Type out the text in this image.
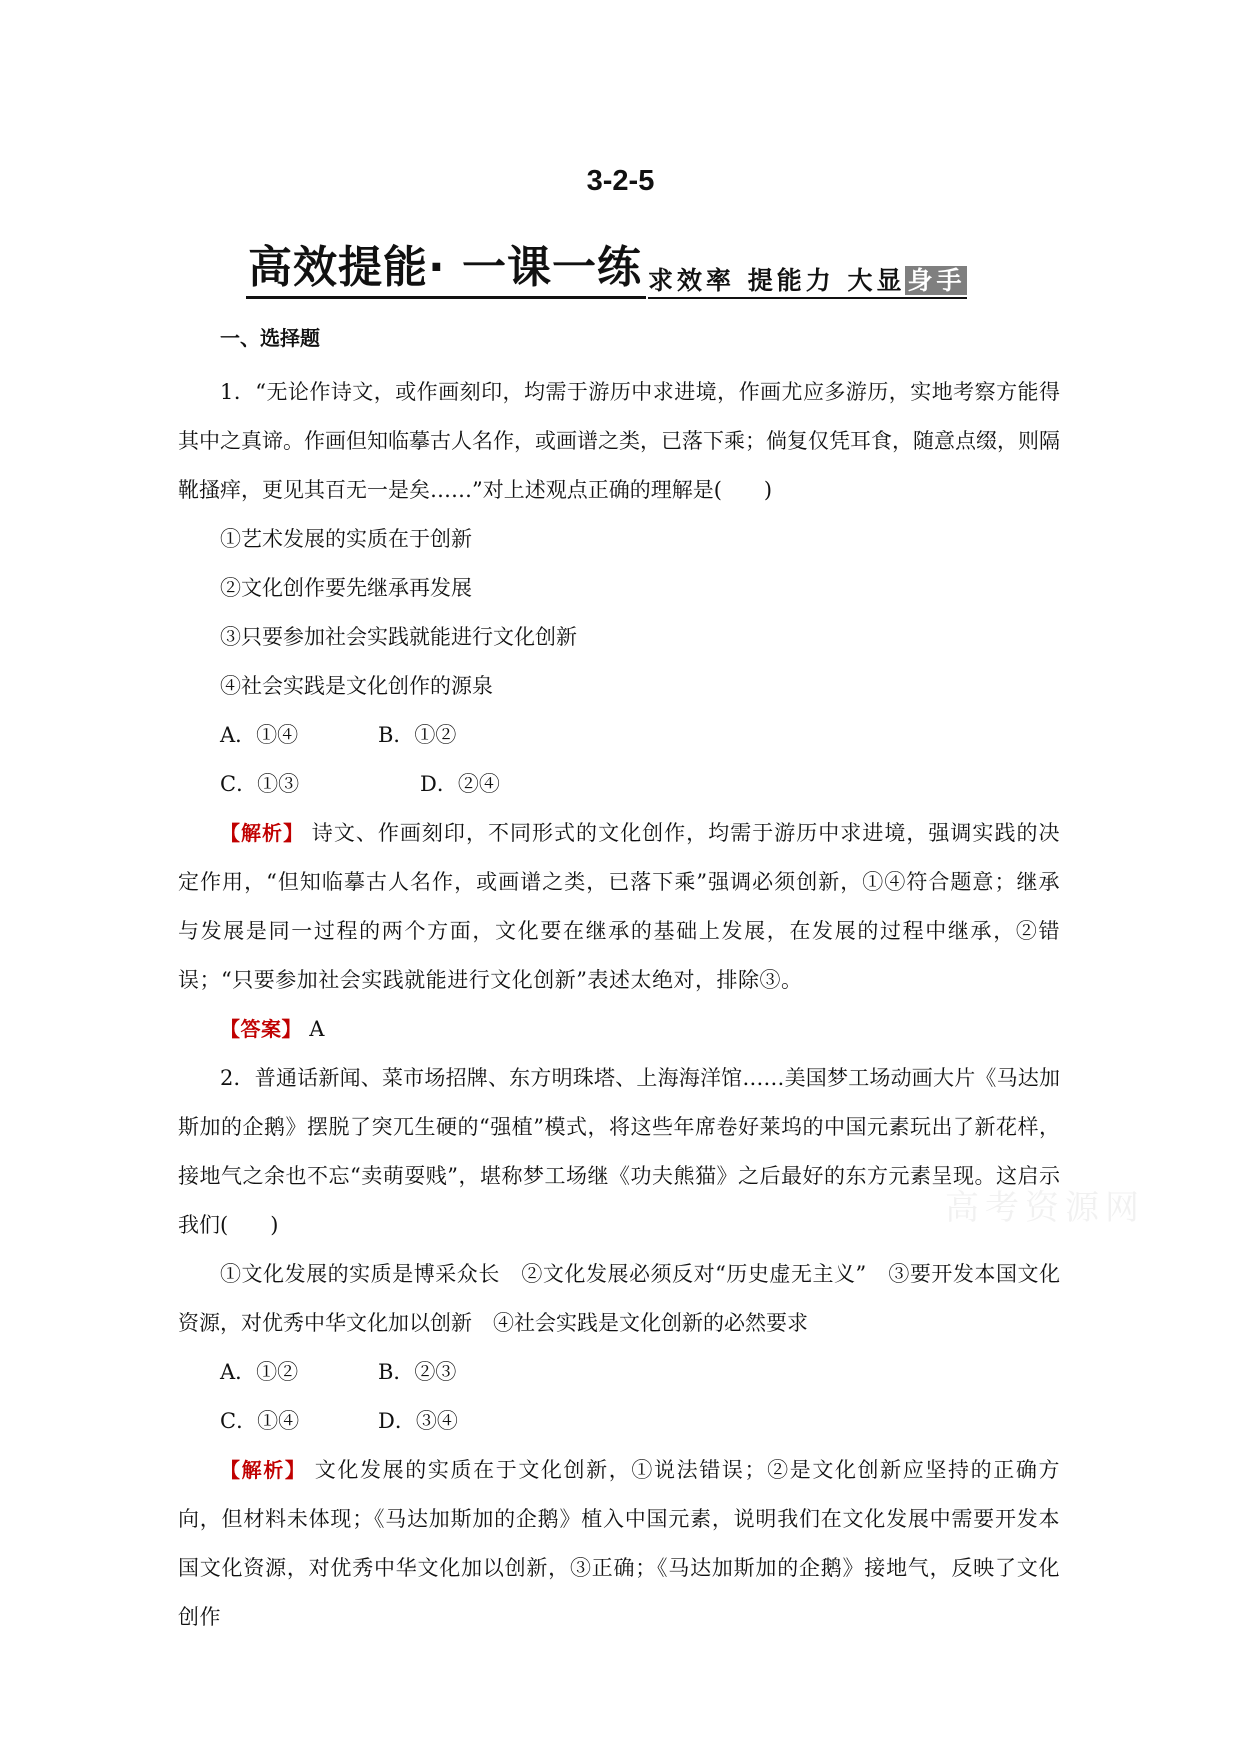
3-2-5
高效提能· 一课一练 求效率 提能力 大显身手
一、选择题
高考资源网

1．“无论作诗文，或作画刻印，均需于游历中求进境，作画尤应多游历，实地考察方能得其中之真谛。作画但知临摹古人名作，或画谱之类，已落下乘；倘复仅凭耳食，随意点缀，则隔靴搔痒，更见其百无一是矣……”对上述观点正确的理解是(　　)

①艺术发展的实质在于创新

②文化创作要先继承再发展

③只要参加社会实践就能进行文化创新

④社会实践是文化创作的源泉

A．①④	B．①②
C．①③	D．②④

【解析】 诗文、作画刻印，不同形式的文化创作，均需于游历中求进境，强调实践的决定作用，“但知临摹古人名作，或画谱之类，已落下乘”强调必须创新，①④符合题意；继承与发展是同一过程的两个方面，文化要在继承的基础上发展，在发展的过程中继承，②错误；“只要参加社会实践就能进行文化创新”表述太绝对，排除③。

【答案】 A

2．普通话新闻、菜市场招牌、东方明珠塔、上海海洋馆……美国梦工场动画大片《马达加斯加的企鹅》摆脱了突兀生硬的“强植”模式，将这些年席卷好莱坞的中国元素玩出了新花样，接地气之余也不忘“卖萌耍贱”，堪称梦工场继《功夫熊猫》之后最好的东方元素呈现。这启示我们(　　)

①文化发展的实质是博采众长　②文化发展必须反对“历史虚无主义”　③要开发本国文化资源，对优秀中华文化加以创新　④社会实践是文化创新的必然要求

A．①②	B．②③
C．①④	D．③④

【解析】 文化发展的实质在于文化创新，①说法错误；②是文化创新应坚持的正确方向，但材料未体现；《马达加斯加的企鹅》植入中国元素，说明我们在文化发展中需要开发本国文化资源，对优秀中华文化加以创新，③正确；《马达加斯加的企鹅》接地气，反映了文化创作
